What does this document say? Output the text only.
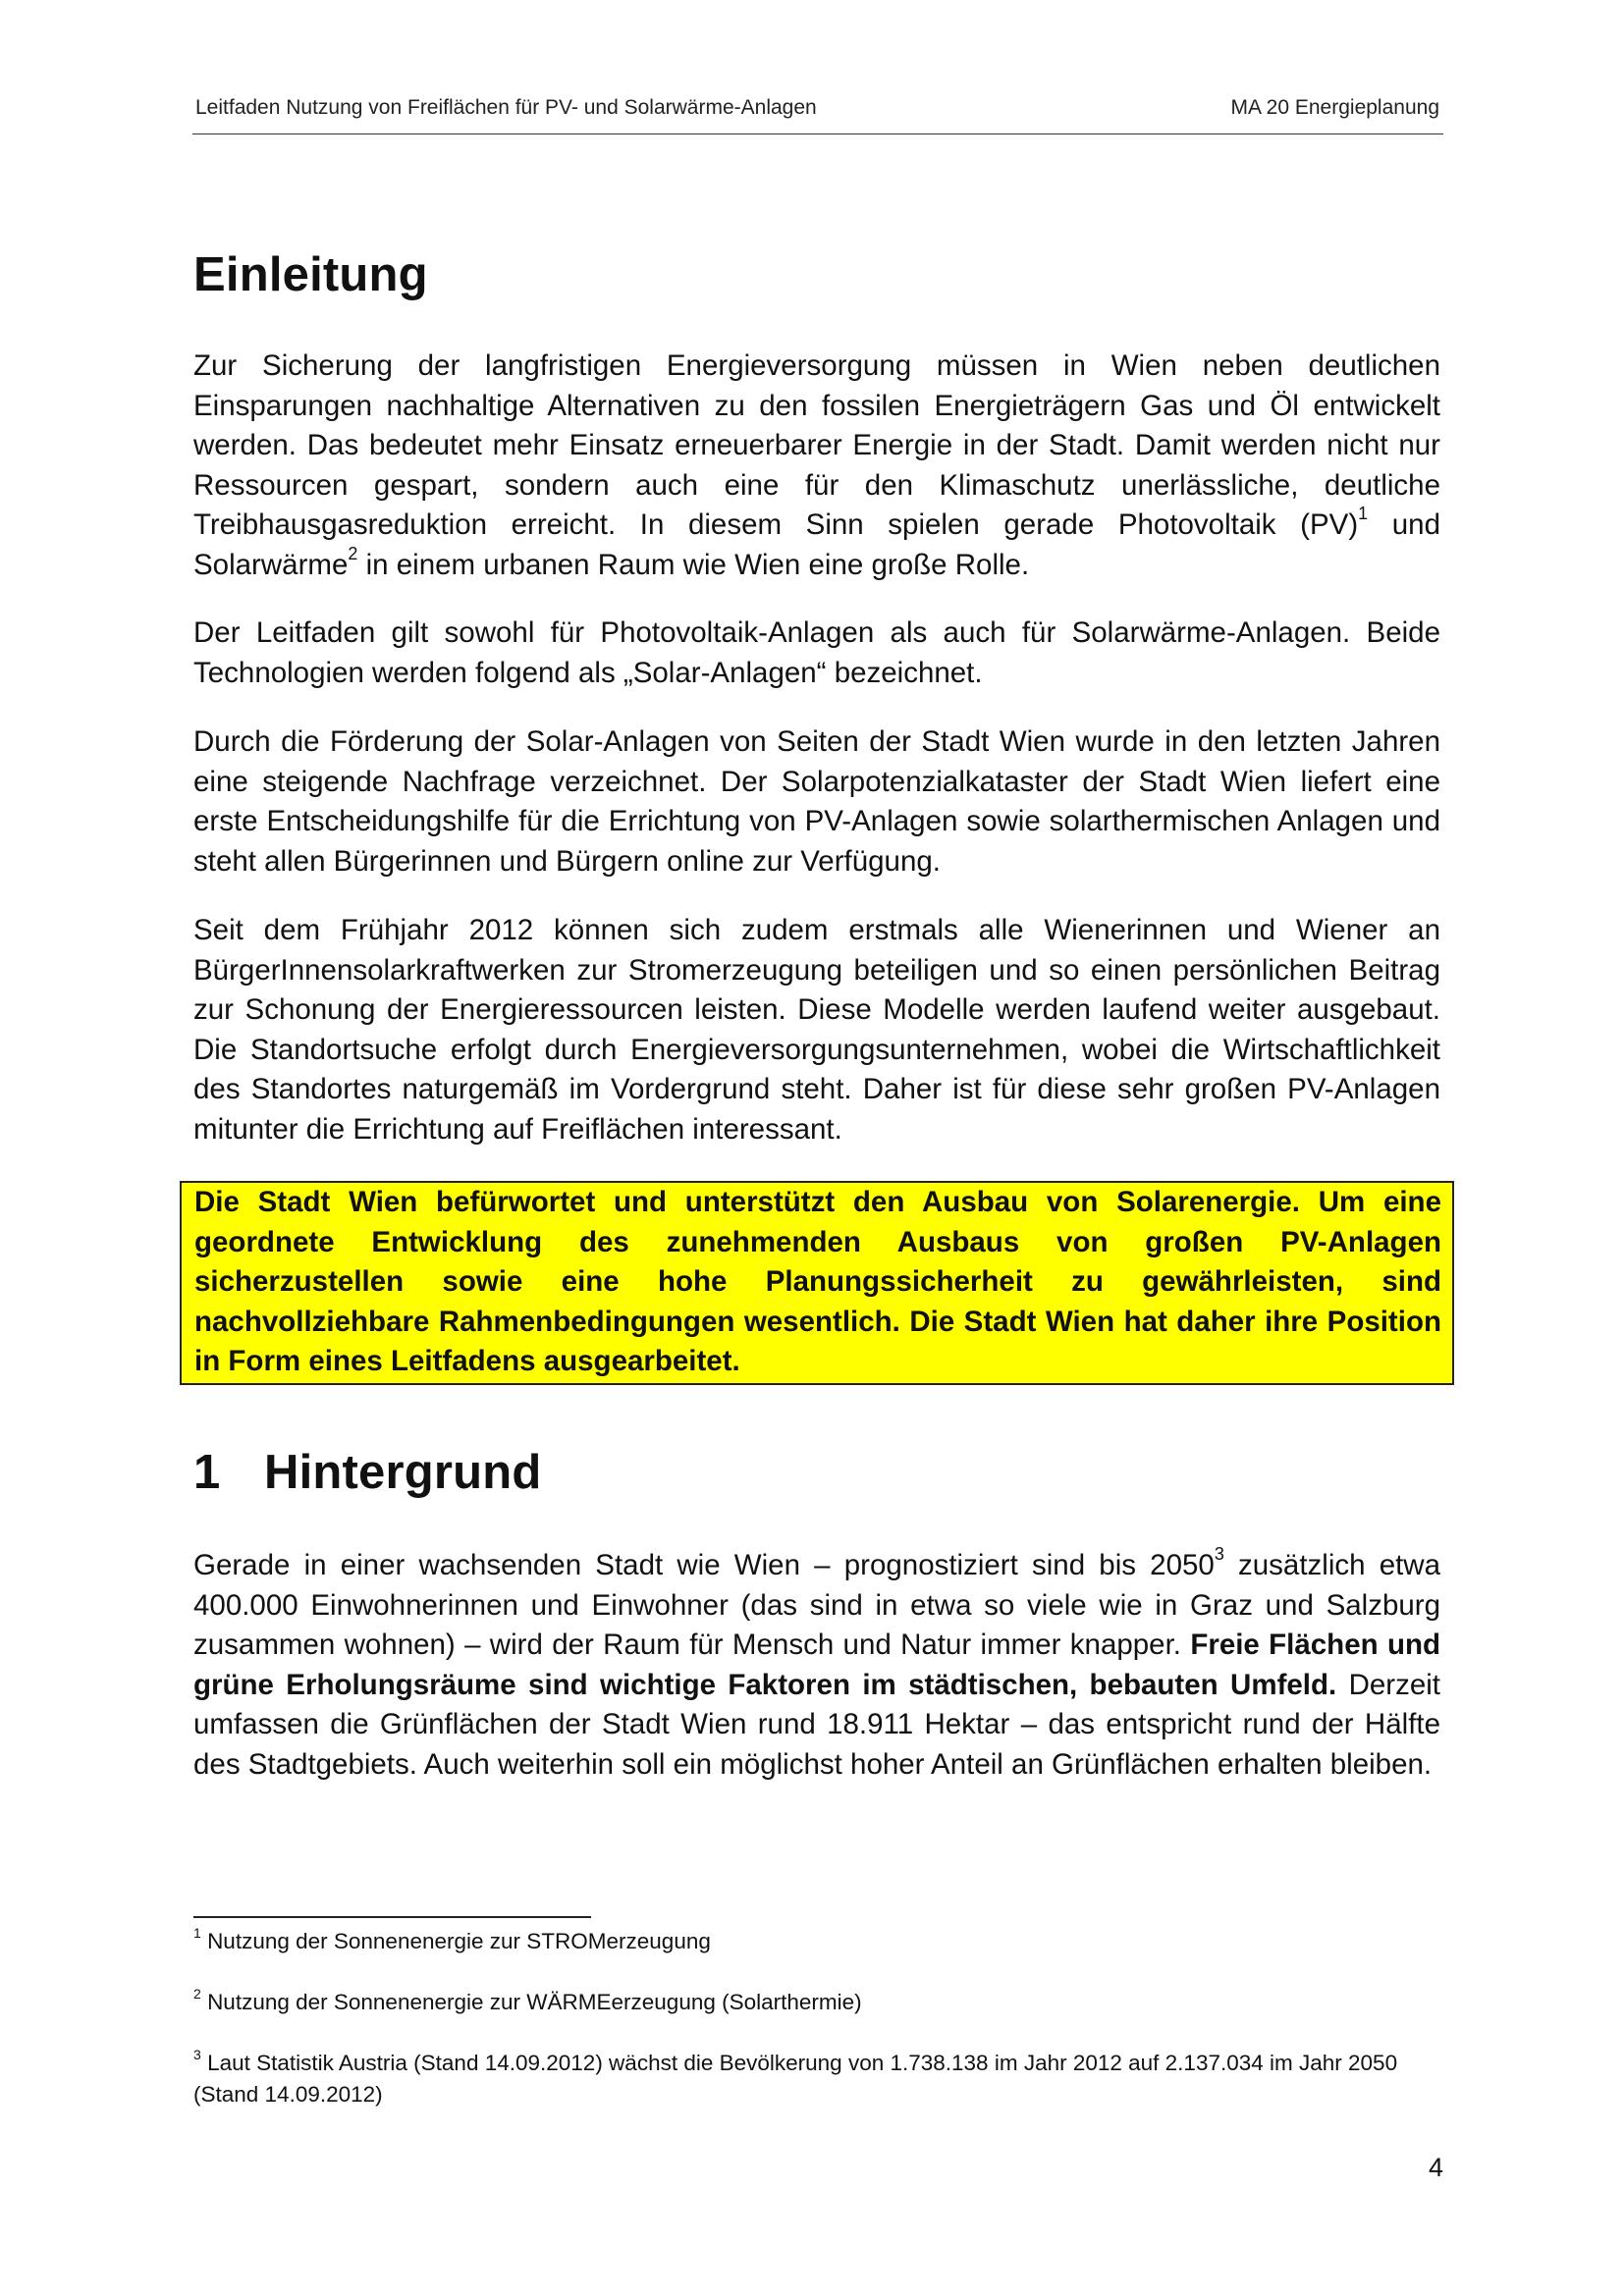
Leitfaden Nutzung von Freiflächen für PV- und Solarwärme-Anlagen	MA 20 Energieplanung
Einleitung

Zur Sicherung der langfristigen Energieversorgung müssen in Wien neben deutlichen Einsparungen nachhaltige Alternativen zu den fossilen Energieträgern Gas und Öl entwickelt werden. Das bedeutet mehr Einsatz erneuerbarer Energie in der Stadt. Damit werden nicht nur Ressourcen gespart, sondern auch eine für den Klimaschutz unerlässliche, deutliche Treibhausgasreduktion erreicht. In diesem Sinn spielen gerade Photovoltaik (PV)$^1$ und Solarwärme$^2$ in einem urbanen Raum wie Wien eine große Rolle.

Der Leitfaden gilt sowohl für Photovoltaik-Anlagen als auch für Solarwärme-Anlagen. Beide Technologien werden folgend als „Solar-Anlagen“ bezeichnet.

Durch die Förderung der Solar-Anlagen von Seiten der Stadt Wien wurde in den letzten Jahren eine steigende Nachfrage verzeichnet. Der Solarpotenzialkataster der Stadt Wien liefert eine erste Entscheidungshilfe für die Errichtung von PV-Anlagen sowie solarthermischen Anlagen und steht allen Bürgerinnen und Bürgern online zur Verfügung.

Seit dem Frühjahr 2012 können sich zudem erstmals alle Wienerinnen und Wiener an BürgerInnensolarkraftwerken zur Stromerzeugung beteiligen und so einen persönlichen Beitrag zur Schonung der Energieressourcen leisten. Diese Modelle werden laufend weiter ausgebaut. Die Standortsuche erfolgt durch Energieversorgungsunternehmen, wobei die Wirtschaftlichkeit des Standortes naturgemäß im Vordergrund steht. Daher ist für diese sehr großen PV-Anlagen mitunter die Errichtung auf Freiflächen interessant.

Die Stadt Wien befürwortet und unterstützt den Ausbau von Solarenergie. Um eine geordnete Entwicklung des zunehmenden Ausbaus von großen PV-Anlagen sicherzustellen sowie eine hohe Planungssicherheit zu gewährleisten, sind nachvollziehbare Rahmenbedingungen wesentlich. Die Stadt Wien hat daher ihre Position in Form eines Leitfadens ausgearbeitet.

1 Hintergrund

Gerade in einer wachsenden Stadt wie Wien – prognostiziert sind bis 2050$^3$ zusätzlich etwa 400.000 Einwohnerinnen und Einwohner (das sind in etwa so viele wie in Graz und Salzburg zusammen wohnen) – wird der Raum für Mensch und Natur immer knapper. Freie Flächen und grüne Erholungsräume sind wichtige Faktoren im städtischen, bebauten Umfeld. Derzeit umfassen die Grünflächen der Stadt Wien rund 18.911 Hektar – das entspricht rund der Hälfte des Stadtgebiets. Auch weiterhin soll ein möglichst hoher Anteil an Grünflächen erhalten bleiben.

$^1$ Nutzung der Sonnenenergie zur STROMerzeugung

$^2$ Nutzung der Sonnenenergie zur WÄRMEerzeugung (Solarthermie)

$^3$ Laut Statistik Austria (Stand 14.09.2012) wächst die Bevölkerung von 1.738.138 im Jahr 2012 auf 2.137.034 im Jahr 2050 (Stand 14.09.2012)

4
